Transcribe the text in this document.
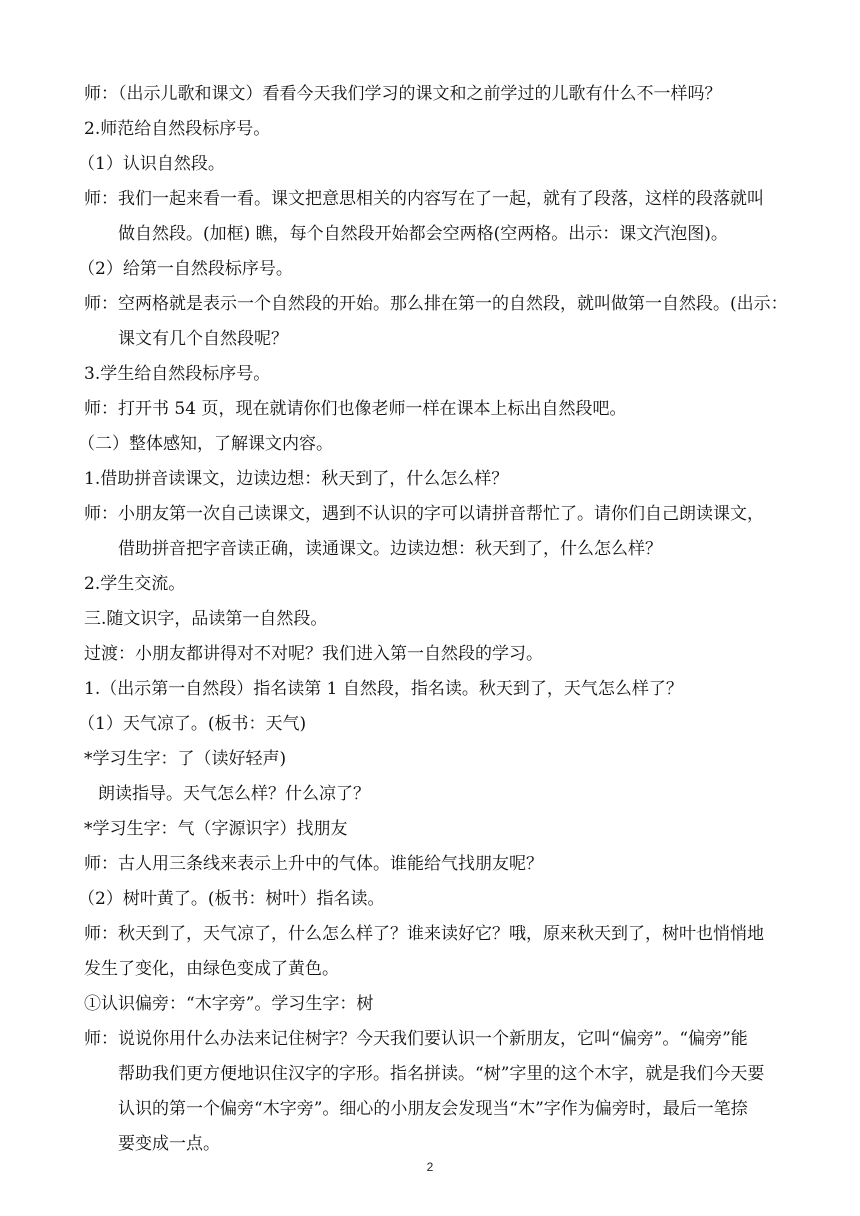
师：（出示儿歌和课文）看看今天我们学习的课文和之前学过的儿歌有什么不一样吗？
2.师范给自然段标序号。
（1）认识自然段。
师：我们一起来看一看。课文把意思相关的内容写在了一起，就有了段落，这样的段落就叫
做自然段。(加框) 瞧，每个自然段开始都会空两格(空两格。出示：课文汽泡图)。
（2）给第一自然段标序号。
师：空两格就是表示一个自然段的开始。那么排在第一的自然段，就叫做第一自然段。(出示：
课文有几个自然段呢？
3.学生给自然段标序号。
师：打开书 54 页，现在就请你们也像老师一样在课本上标出自然段吧。
（二）整体感知，了解课文内容。
1.借助拼音读课文，边读边想：秋天到了，什么怎么样？
师：小朋友第一次自己读课文，遇到不认识的字可以请拼音帮忙了。请你们自己朗读课文，
借助拼音把字音读正确，读通课文。边读边想：秋天到了，什么怎么样？
2.学生交流。
三.随文识字，品读第一自然段。
过渡：小朋友都讲得对不对呢？我们进入第一自然段的学习。
1.（出示第一自然段）指名读第 1 自然段，指名读。秋天到了，天气怎么样了？
（1）天气凉了。(板书：天气)
*学习生字：了（读好轻声)
朗读指导。天气怎么样？什么凉了？
*学习生字：气（字源识字）找朋友
师：古人用三条线来表示上升中的气体。谁能给气找朋友呢？
（2）树叶黄了。(板书：树叶）指名读。
师：秋天到了，天气凉了，什么怎么样了？谁来读好它？哦，原来秋天到了，树叶也悄悄地
发生了变化，由绿色变成了黄色。
①认识偏旁：“木字旁”。学习生字：树
师：说说你用什么办法来记住树字？今天我们要认识一个新朋友，它叫“偏旁”。“偏旁”能
帮助我们更方便地识住汉字的字形。指名拼读。“树”字里的这个木字，就是我们今天要
认识的第一个偏旁“木字旁”。细心的小朋友会发现当“木”字作为偏旁时，最后一笔捺
要变成一点。
2
